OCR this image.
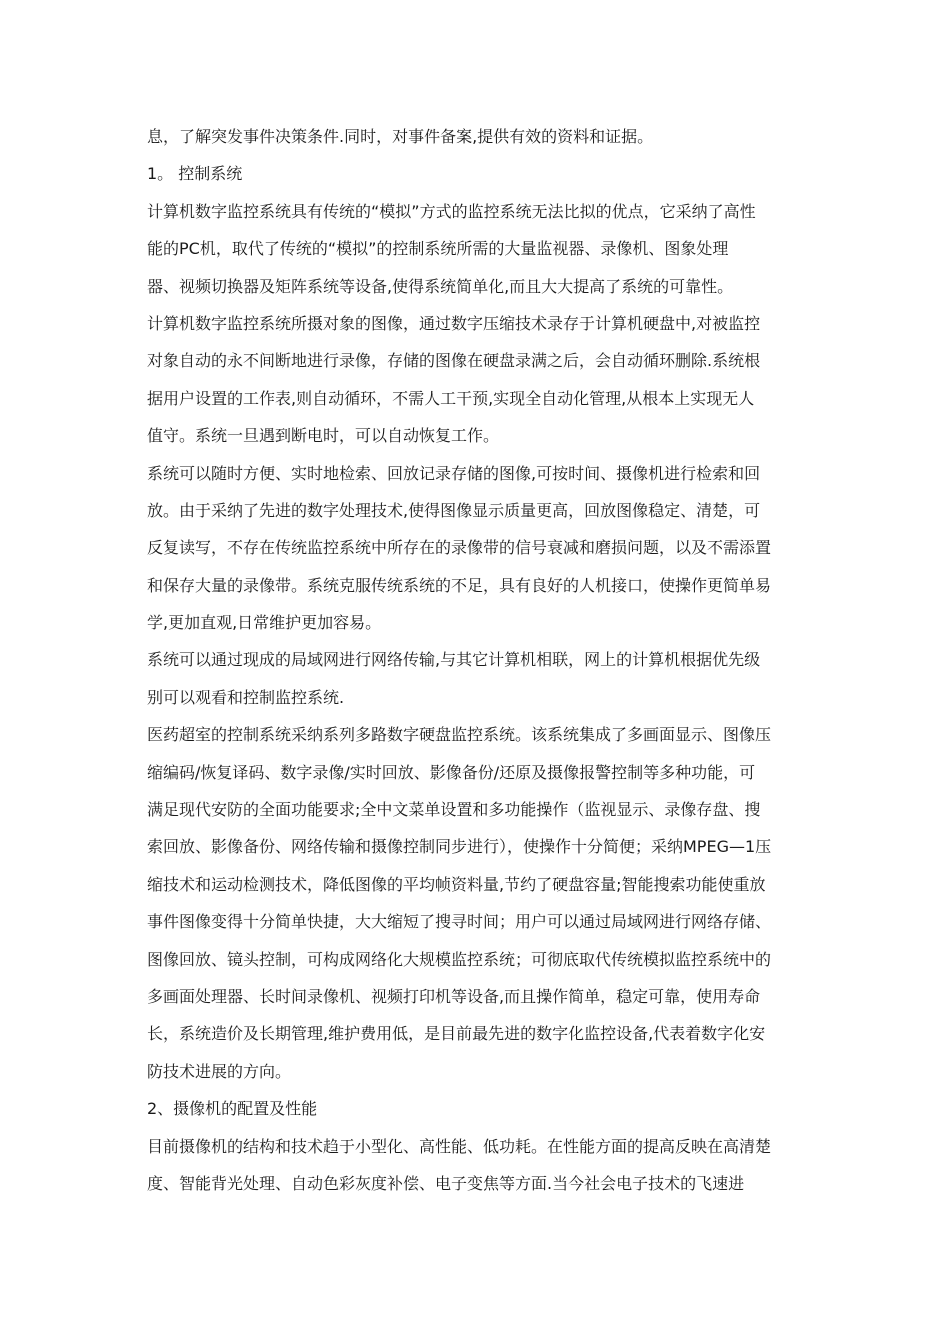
息，了解突发事件决策条件.同时，对事件备案,提供有效的资料和证据。
1。 控制系统
计算机数字监控系统具有传统的“模拟”方式的监控系统无法比拟的优点，它采纳了高性
能的PC机，取代了传统的“模拟”的控制系统所需的大量监视器、录像机、图象处理
器、视频切换器及矩阵系统等设备,使得系统简单化,而且大大提高了系统的可靠性。
计算机数字监控系统所摄对象的图像，通过数字压缩技术录存于计算机硬盘中,对被监控
对象自动的永不间断地进行录像，存储的图像在硬盘录满之后，会自动循环删除.系统根
据用户设置的工作表,则自动循环，不需人工干预,实现全自动化管理,从根本上实现无人
值守。系统一旦遇到断电时，可以自动恢复工作。
系统可以随时方便、实时地检索、回放记录存储的图像,可按时间、摄像机进行检索和回
放。由于采纳了先进的数字处理技术,使得图像显示质量更高，回放图像稳定、清楚，可
反复读写，不存在传统监控系统中所存在的录像带的信号衰减和磨损问题，以及不需添置
和保存大量的录像带。系统克服传统系统的不足，具有良好的人机接口，使操作更简单易
学,更加直观,日常维护更加容易。
系统可以通过现成的局域网进行网络传输,与其它计算机相联，网上的计算机根据优先级
别可以观看和控制监控系统.
医药超室的控制系统采纳系列多路数字硬盘监控系统。该系统集成了多画面显示、图像压
缩编码/恢复译码、数字录像/实时回放、影像备份/还原及摄像报警控制等多种功能，可
满足现代安防的全面功能要求;全中文菜单设置和多功能操作（监视显示、录像存盘、搜
索回放、影像备份、网络传输和摄像控制同步进行），使操作十分简便；采纳MPEG—1压
缩技术和运动检测技术，降低图像的平均帧资料量,节约了硬盘容量;智能搜索功能使重放
事件图像变得十分简单快捷，大大缩短了搜寻时间；用户可以通过局域网进行网络存储、
图像回放、镜头控制，可构成网络化大规模监控系统；可彻底取代传统模拟监控系统中的
多画面处理器、长时间录像机、视频打印机等设备,而且操作简单，稳定可靠，使用寿命
长，系统造价及长期管理,维护费用低，是目前最先进的数字化监控设备,代表着数字化安
防技术进展的方向。
2、摄像机的配置及性能
目前摄像机的结构和技术趋于小型化、高性能、低功耗。在性能方面的提高反映在高清楚
度、智能背光处理、自动色彩灰度补偿、电子变焦等方面.当今社会电子技术的飞速进
